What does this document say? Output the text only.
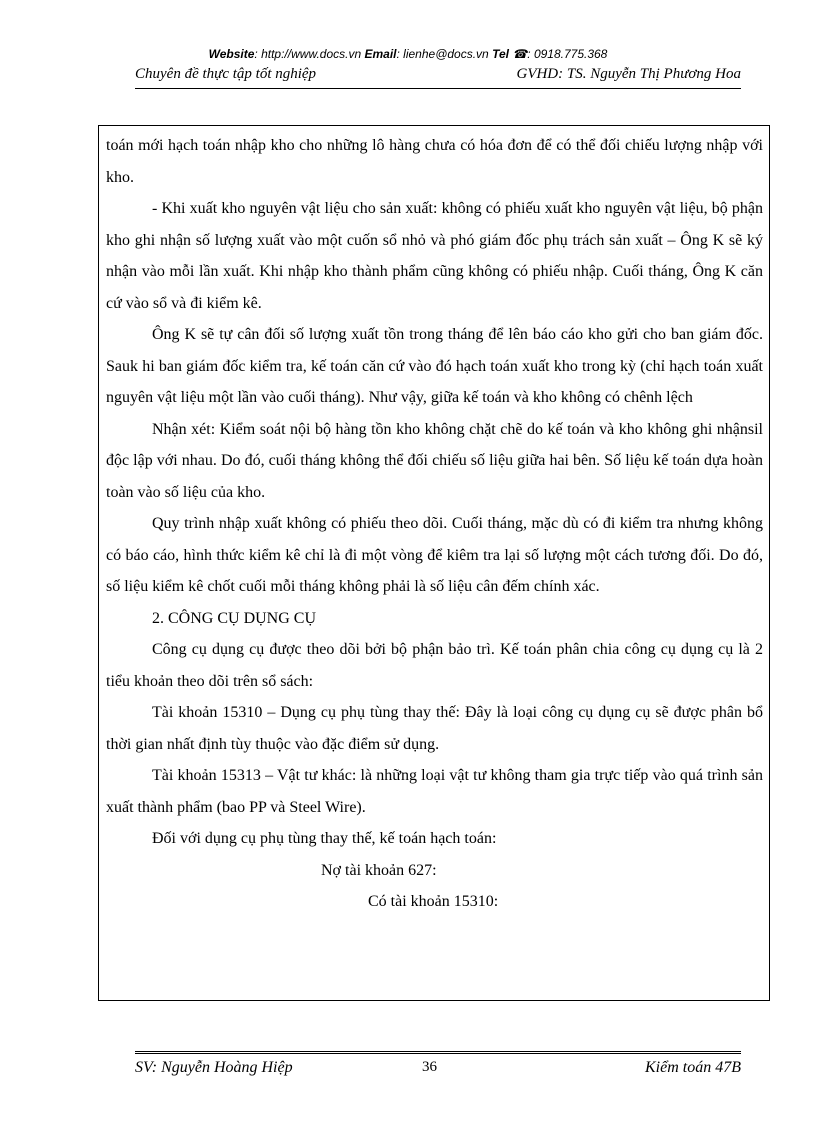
Website: http://www.docs.vn Email: lienhe@docs.vn Tel ☎: 0918.775.368
Chuyên đề thực tập tốt nghiệp	GVHD: TS. Nguyễn Thị Phương Hoa

toán mới hạch toán nhập kho cho những lô hàng chưa có hóa đơn để có thể đối chiếu lượng nhập với kho.

- Khi xuất kho nguyên vật liệu cho sản xuất: không có phiếu xuất kho nguyên vật liệu, bộ phận kho ghi nhận số lượng xuất vào một cuốn sổ nhỏ và phó giám đốc phụ trách sản xuất – Ông K sẽ ký nhận vào mỗi lần xuất. Khi nhập kho thành phẩm cũng không có phiếu nhập. Cuối tháng, Ông K căn cứ vào sổ và đi kiểm kê.

Ông K sẽ tự cân đối số lượng xuất tồn trong tháng để lên báo cáo kho gửi cho ban giám đốc. Sauk hi ban giám đốc kiểm tra, kế toán căn cứ vào đó hạch toán xuất kho trong kỳ (chỉ hạch toán xuất nguyên vật liệu một lần vào cuối tháng). Như vậy, giữa kế toán và kho không có chênh lệch

Nhận xét: Kiểm soát nội bộ hàng tồn kho không chặt chẽ do kế toán và kho không ghi nhậnsil độc lập với nhau. Do đó, cuối tháng không thể đối chiếu số liệu giữa hai bên. Số liệu kế toán dựa hoàn toàn vào số liệu của kho.

Quy trình nhập xuất không có phiếu theo dõi. Cuối tháng, mặc dù có đi kiểm tra nhưng không có báo cáo, hình thức kiểm kê chỉ là đi một vòng để kiêm tra lại số lượng một cách tương đối. Do đó, số liệu kiểm kê chốt cuối mỗi tháng không phải là số liệu cân đếm chính xác.

2. CÔNG CỤ DỤNG CỤ

Công cụ dụng cụ được theo dõi bởi bộ phận bảo trì. Kế toán phân chia công cụ dụng cụ là 2 tiểu khoản theo dõi trên sổ sách:

Tài khoản 15310 – Dụng cụ phụ tùng thay thế: Đây là loại công cụ dụng cụ sẽ được phân bổ thời gian nhất định tùy thuộc vào đặc điểm sử dụng.

Tài khoản 15313 – Vật tư khác: là những loại vật tư không tham gia trực tiếp vào quá trình sản xuất thành phẩm (bao PP và Steel Wire).

Đối với dụng cụ phụ tùng thay thế, kế toán hạch toán:

Nợ tài khoản 627:

Có tài khoản 15310:

SV: Nguyễn Hoàng Hiệp	36	Kiểm toán 47B
